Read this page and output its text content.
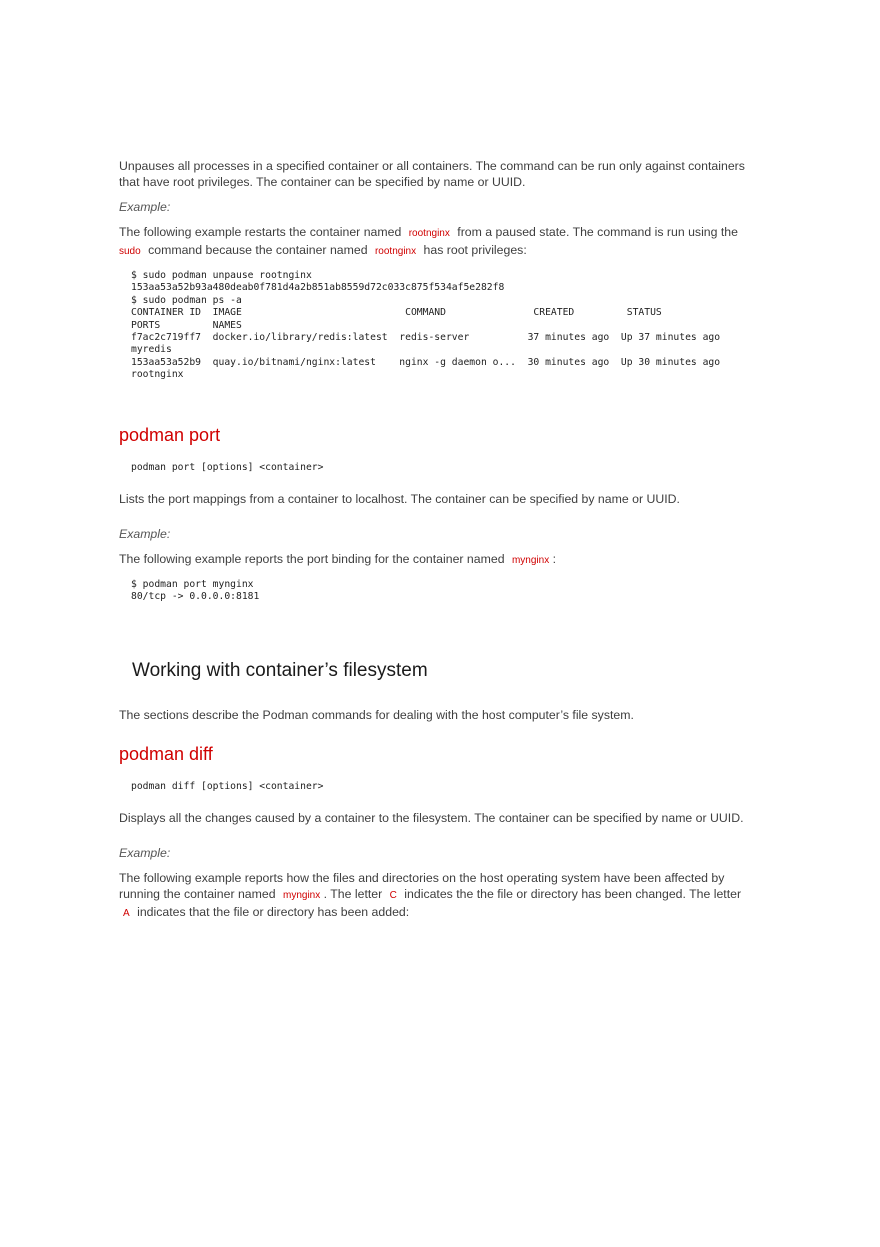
Unpauses all processes in a specified container or all containers. The command can be run only against containers that have root privileges. The container can be specified by name or UUID.

Example:

The following example restarts the container named rootnginx from a paused state. The command is run using the sudo command because the container named rootnginx has root privileges:

$ sudo podman unpause rootnginx
153aa53a52b93a480deab0f781d4a2b851ab8559d72c033c875f534af5e282f8
$ sudo podman ps -a
CONTAINER ID  IMAGE                            COMMAND               CREATED         STATUS
PORTS         NAMES
f7ac2c719ff7  docker.io/library/redis:latest  redis-server          37 minutes ago  Up 37 minutes ago
myredis
153aa53a52b9  quay.io/bitnami/nginx:latest    nginx -g daemon o...  30 minutes ago  Up 30 minutes ago
rootnginx
podman port
podman port [options] <container>

Lists the port mappings from a container to localhost. The container can be specified by name or UUID.

Example:

The following example reports the port binding for the container named mynginx :

$ podman port mynginx
80/tcp -> 0.0.0.0:8181
Working with container’s filesystem

The sections describe the Podman commands for dealing with the host computer’s file system.

podman diff
podman diff [options] <container>

Displays all the changes caused by a container to the filesystem. The container can be specified by name or UUID.

Example:

The following example reports how the files and directories on the host operating system have been affected by running the container named mynginx . The letter C indicates the the file or directory has been changed. The letter A indicates that the file or directory has been added:
